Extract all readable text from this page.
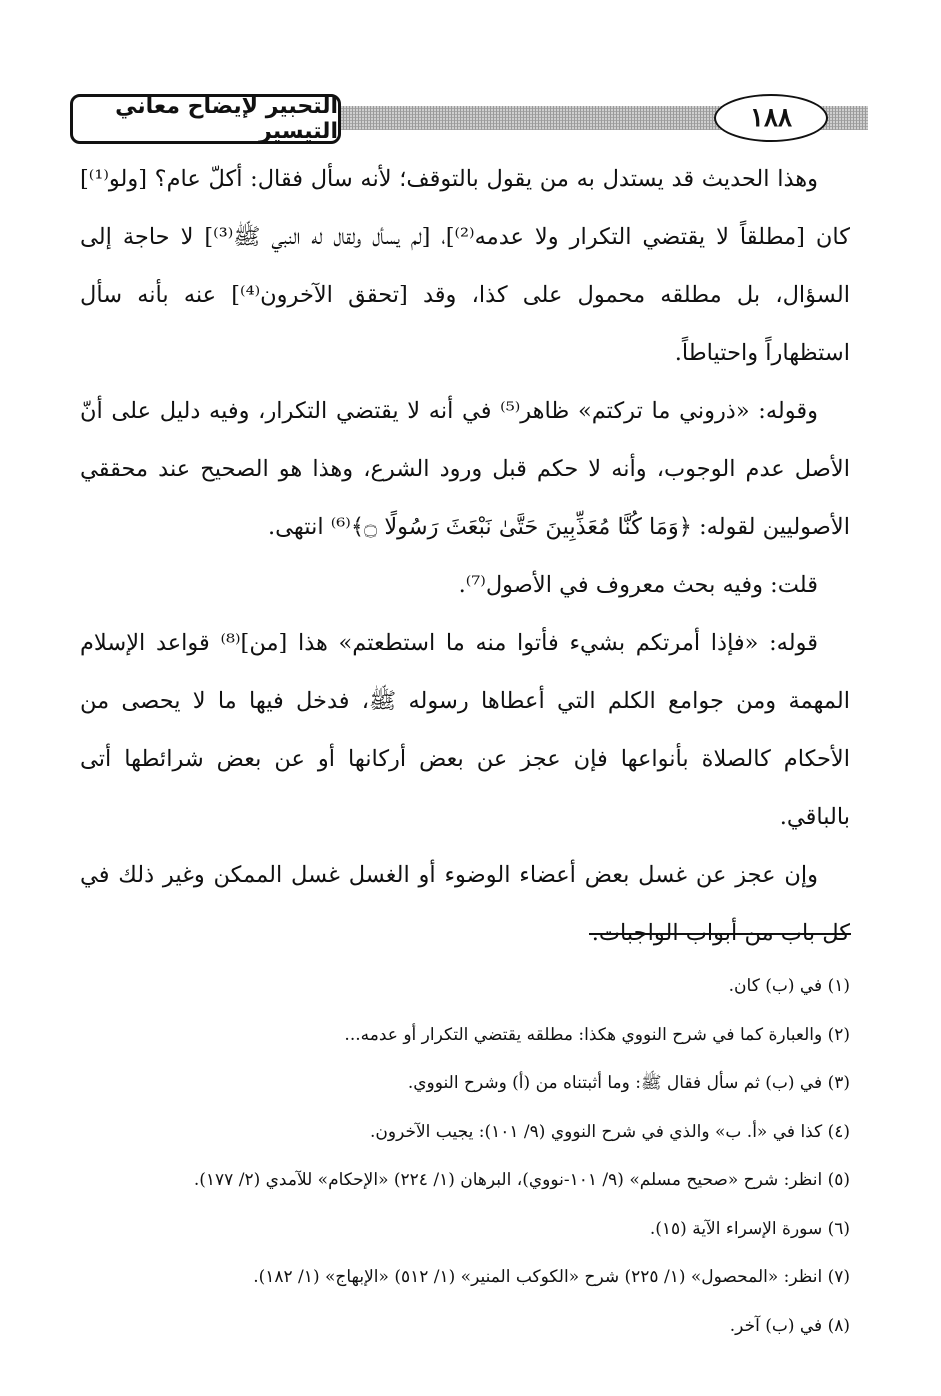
١٨٨
التحبير لإيضاح معاني التيسير

وهذا الحديث قد يستدل به من يقول بالتوقف؛ لأنه سأل فقال: أكلّ عام؟ [ولو⁽¹⁾] كان [مطلقاً لا يقتضي التكرار ولا عدمه⁽²⁾]، [لم يسأل ولقال له النبي ﷺ⁽³⁾] لا حاجة إلى السؤال، بل مطلقه محمول على كذا، وقد [تحقق الآخرون⁽⁴⁾] عنه بأنه سأل استظهاراً واحتياطاً.

وقوله: «ذروني ما تركتم» ظاهر⁽⁵⁾ في أنه لا يقتضي التكرار، وفيه دليل على أنّ الأصل عدم الوجوب، وأنه لا حكم قبل ورود الشرع، وهذا هو الصحيح عند محققي الأصوليين لقوله: ﴿وَمَا كُنَّا مُعَذِّبِينَ حَتَّىٰ نَبْعَثَ رَسُولًا ۝﴾⁽⁶⁾ انتهى.

قلت: وفيه بحث معروف في الأصول⁽⁷⁾.

قوله: «فإذا أمرتكم بشيء فأتوا منه ما استطعتم» هذا [من]⁽⁸⁾ قواعد الإسلام المهمة ومن جوامع الكلم التي أعطاها رسوله ﷺ، فدخل فيها ما لا يحصى من الأحكام كالصلاة بأنواعها فإن عجز عن بعض أركانها أو عن بعض شرائطها أتى بالباقي.

وإن عجز عن غسل بعض أعضاء الوضوء أو الغسل غسل الممكن وغير ذلك في كل باب من أبواب الواجبات.

(١) في (ب) كان.
(٢) والعبارة كما في شرح النووي هكذا: مطلقه يقتضي التكرار أو عدمه...
(٣) في (ب) ثم سأل فقال ﷺ: وما أثبتناه من (أ) وشرح النووي.
(٤) كذا في «أ. ب» والذي في شرح النووي (٩/ ١٠١): يجيب الآخرون.
(٥) انظر: شرح «صحيح مسلم» (٩/ ١٠١-نووي)، البرهان (١/ ٢٢٤) «الإحكام» للآمدي (٢/ ١٧٧).
(٦) سورة الإسراء الآية (١٥).
(٧) انظر: «المحصول» (١/ ٢٢٥) شرح «الكوكب المنير» (١/ ٥١٢) «الإبهاج» (١/ ١٨٢).
(٨) في (ب) آخر.
